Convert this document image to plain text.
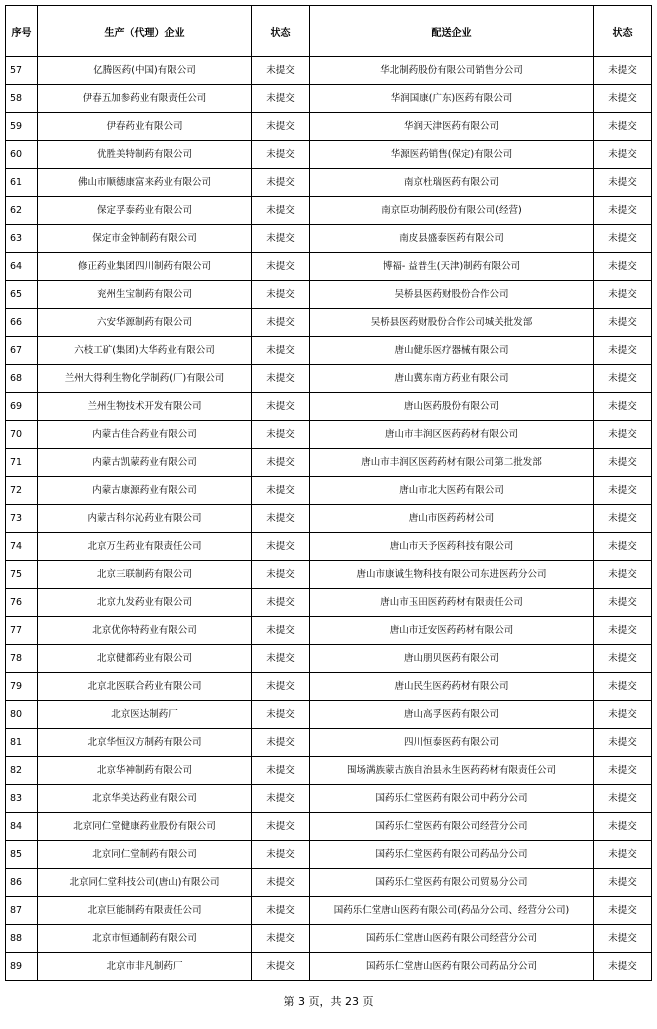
序号	生产（代理）企业	状态	配送企业	状态
57	亿腾医药(中国)有限公司	未提交	华北制药股份有限公司销售分公司	未提交
58	伊春五加参药业有限责任公司	未提交	华润国康(广东)医药有限公司	未提交
59	伊春药业有限公司	未提交	华润天津医药有限公司	未提交
60	优胜美特制药有限公司	未提交	华源医药销售(保定)有限公司	未提交
61	佛山市顺德康富来药业有限公司	未提交	南京杜瑞医药有限公司	未提交
62	保定孚泰药业有限公司	未提交	南京臣功制药股份有限公司(经营)	未提交
63	保定市金钟制药有限公司	未提交	南皮县盛泰医药有限公司	未提交
64	修正药业集团四川制药有限公司	未提交	博福- 益普生(天津)制药有限公司	未提交
65	兖州生宝制药有限公司	未提交	吴桥县医药财股份合作公司	未提交
66	六安华源制药有限公司	未提交	吴桥县医药财股份合作公司城关批发部	未提交
67	六枝工矿(集团)大华药业有限公司	未提交	唐山健乐医疗器械有限公司	未提交
68	兰州大得利生物化学制药(厂)有限公司	未提交	唐山冀东南方药业有限公司	未提交
69	兰州生物技术开发有限公司	未提交	唐山医药股份有限公司	未提交
70	内蒙古佳合药业有限公司	未提交	唐山市丰润区医药药材有限公司	未提交
71	内蒙古凯蒙药业有限公司	未提交	唐山市丰润区医药药材有限公司第二批发部	未提交
72	内蒙古康源药业有限公司	未提交	唐山市北大医药有限公司	未提交
73	内蒙古科尔沁药业有限公司	未提交	唐山市医药药材公司	未提交
74	北京万生药业有限责任公司	未提交	唐山市天予医药科技有限公司	未提交
75	北京三联制药有限公司	未提交	唐山市康诚生物科技有限公司东进医药分公司	未提交
76	北京九发药业有限公司	未提交	唐山市玉田医药药材有限责任公司	未提交
77	北京优你特药业有限公司	未提交	唐山市迁安医药药材有限公司	未提交
78	北京健都药业有限公司	未提交	唐山朋贝医药有限公司	未提交
79	北京北医联合药业有限公司	未提交	唐山民生医药药材有限公司	未提交
80	北京医达制药厂	未提交	唐山高孚医药有限公司	未提交
81	北京华恒汉方制药有限公司	未提交	四川恒泰医药有限公司	未提交
82	北京华神制药有限公司	未提交	围场满族蒙古族自治县永生医药药材有限责任公司	未提交
83	北京华美达药业有限公司	未提交	国药乐仁堂医药有限公司中药分公司	未提交
84	北京同仁堂健康药业股份有限公司	未提交	国药乐仁堂医药有限公司经营分公司	未提交
85	北京同仁堂制药有限公司	未提交	国药乐仁堂医药有限公司药品分公司	未提交
86	北京同仁堂科技公司(唐山)有限公司	未提交	国药乐仁堂医药有限公司贸易分公司	未提交
87	北京巨能制药有限责任公司	未提交	国药乐仁堂唐山医药有限公司(药品分公司、经营分公司)	未提交
88	北京市恒通制药有限公司	未提交	国药乐仁堂唐山医药有限公司经营分公司	未提交
89	北京市非凡制药厂	未提交	国药乐仁堂唐山医药有限公司药品分公司	未提交
第 3 页，共 23 页
